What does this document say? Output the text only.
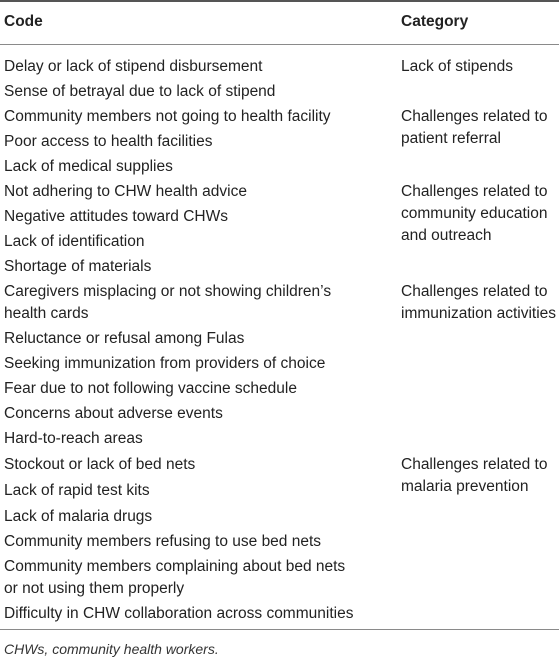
Code	Category
Delay or lack of stipend disbursement
Sense of betrayal due to lack of stipend
Community members not going to health facility
Poor access to health facilities
Lack of medical supplies
Not adhering to CHW health advice
Negative attitudes toward CHWs
Lack of identification
Shortage of materials
Caregivers misplacing or not showing children’s
health cards
Reluctance or refusal among Fulas
Seeking immunization from providers of choice
Fear due to not following vaccine schedule
Concerns about adverse events
Hard-to-reach areas
Stockout or lack of bed nets
Lack of rapid test kits
Lack of malaria drugs
Community members refusing to use bed nets
Community members complaining about bed nets
or not using them properly
Difficulty in CHW collaboration across communities
Lack of stipends
Challenges related to
patient referral
Challenges related to
community education
and outreach
Challenges related to
immunization activities
Challenges related to
malaria prevention
CHWs, community health workers.
